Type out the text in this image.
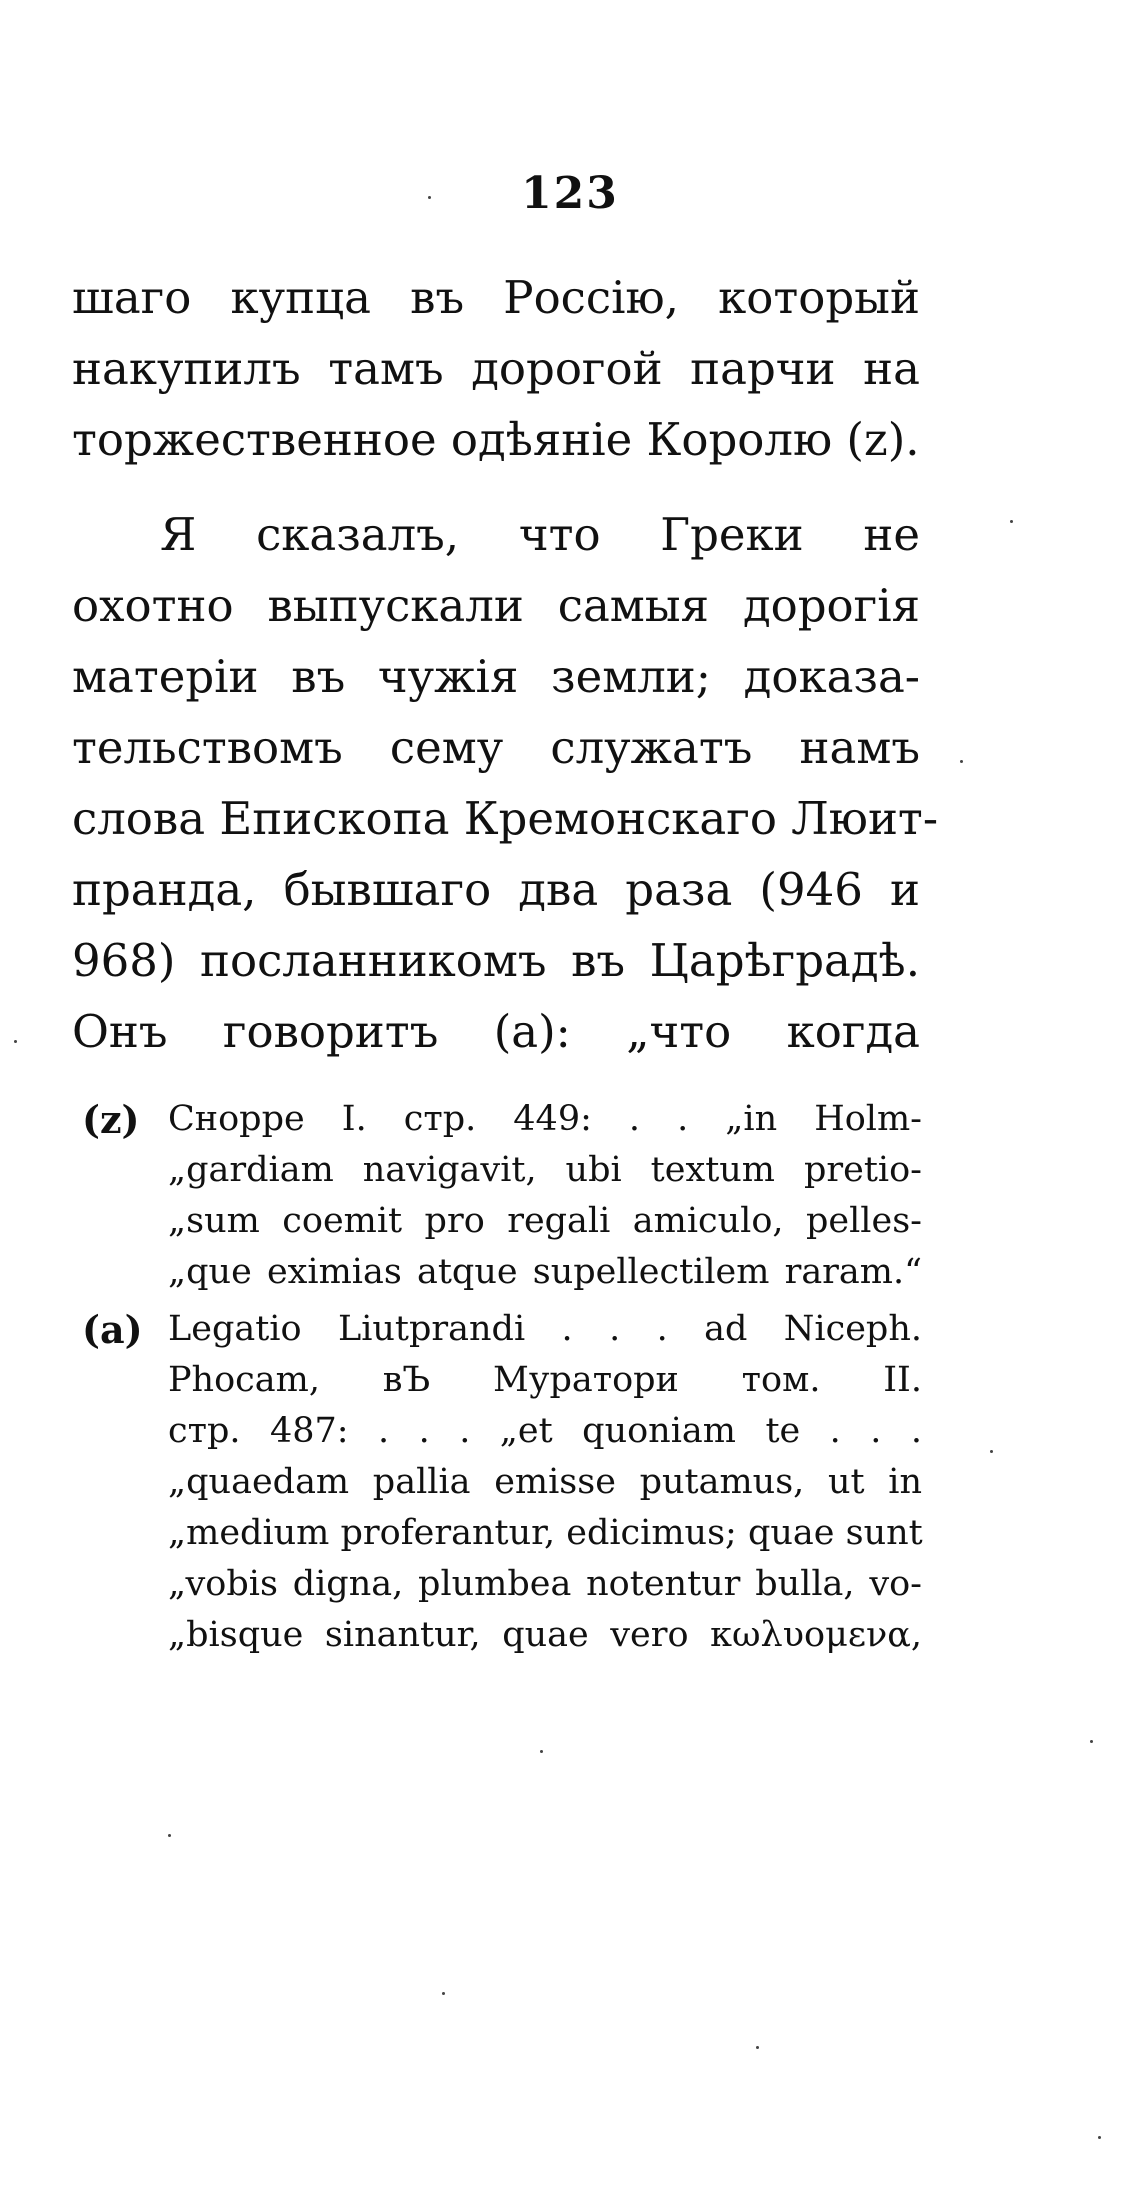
123
шаго купца въ Россію, который
накупилъ тамъ дорогой парчи на
торжественное одѣяніе Королю (z).
Я сказалъ, что Греки не
охотно выпускали самыя дорогія
матеріи въ чужія земли; доказа-
тельствомъ сему служатъ намъ
слова Епископа Кремонскаго Люит-
пранда, бывшаго два раза (946 и
968) посланникомъ въ Царѣградѣ.
Онъ говоритъ (а): „что когда
(z) Снорре I. стр. 449: . . „in Holm-
„gardiam navigavit, ubi textum pretio-
„sum coemit pro regali amiculo, pelles-
„que eximias atque supellectilem raram.“
(a) Legatio Liutprandi . . . ad Niceph.
Phocam, вЪ Муратори том. II.
стр. 487: . . . „et quoniam te . . .
„quaedam pallia emisse putamus, ut in
„medium proferantur, edicimus; quae sunt
„vobis digna, plumbea notentur bulla, vo-
„bisque sinantur, quae vero κωλυομενα,
